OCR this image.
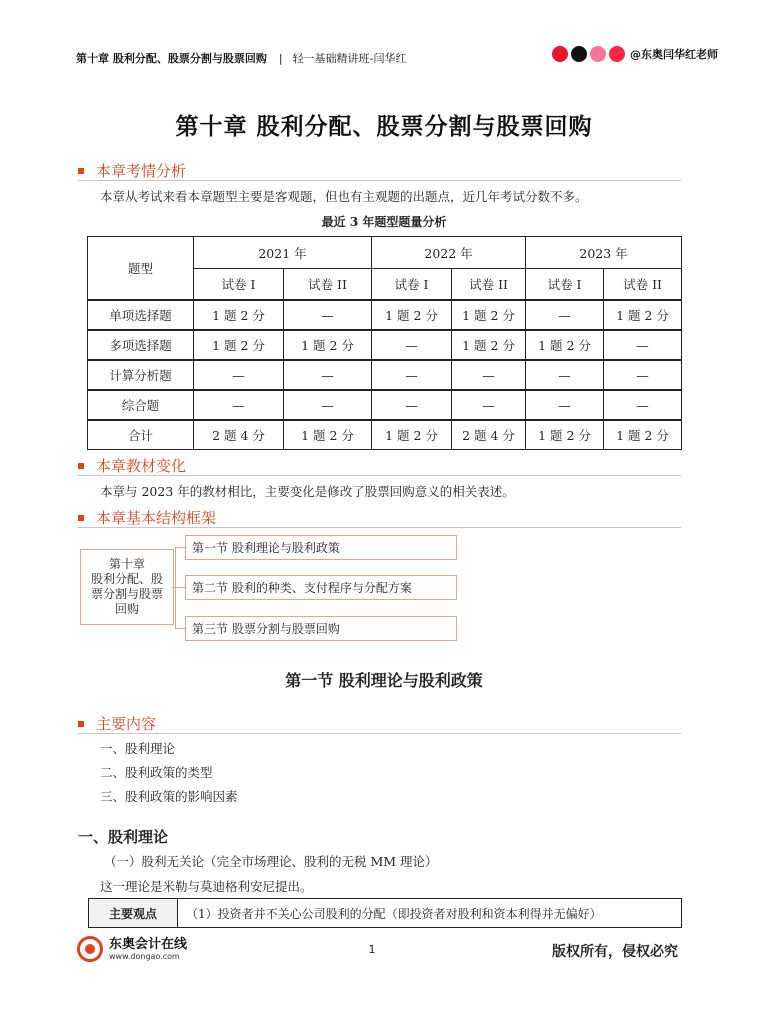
第十章 股利分配、股票分割与股票回购 | 轻一基础精讲班-闫华红	@东奥闫华红老师
第十章 股利分配、股票分割与股票回购
本章考情分析
本章从考试来看本章题型主要是客观题，但也有主观题的出题点，近几年考试分数不多。
最近 3 年题型题量分析
题型	2021 年		2022 年		2023 年	
	试卷 I	试卷 II	试卷 I	试卷 II	试卷 I	试卷 II
单项选择题	1 题 2 分	—	1 题 2 分	1 题 2 分	—	1 题 2 分
多项选择题	1 题 2 分	1 题 2 分	—	1 题 2 分	1 题 2 分	—
计算分析题	—	—	—	—	—	—
综合题	—	—	—	—	—	—
合计	2 题 4 分	1 题 2 分	1 题 2 分	2 题 4 分	1 题 2 分	1 题 2 分
本章教材变化
本章与 2023 年的教材相比，主要变化是修改了股票回购意义的相关表述。
本章基本结构框架
第十章
股利分配、股
票分割与股票
回购
第一节 股利理论与股利政策
第二节 股利的种类、支付程序与分配方案
第三节 股票分割与股票回购
第一节 股利理论与股利政策
主要内容
一、股利理论
二、股利政策的类型
三、股利政策的影响因素
一、股利理论
（一）股利无关论（完全市场理论、股利的无税 MM 理论）
这一理论是米勒与莫迪格利安尼提出。
主要观点	（1）投资者并不关心公司股利的分配（即投资者对股利和资本利得并无偏好）
东奥会计在线
www.dongao.com	1	版权所有，侵权必究
